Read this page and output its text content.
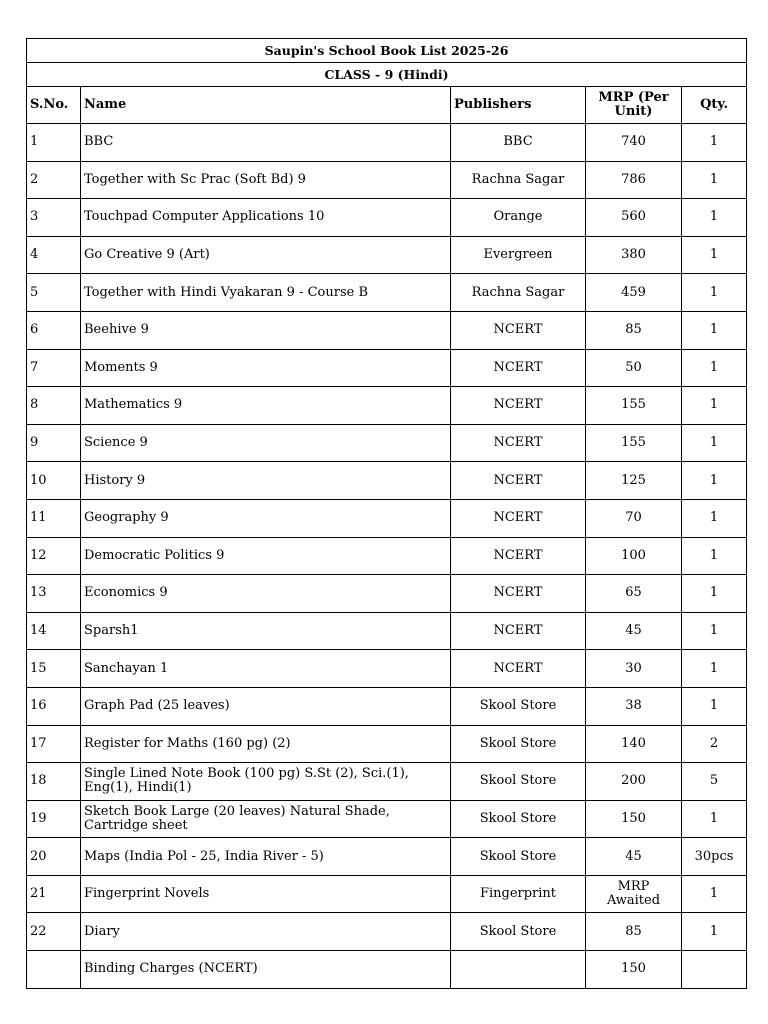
Saupin's School Book List 2025-26				
CLASS - 9 (Hindi)				
S.No.	Name	Publishers	MRP (Per Unit)	Qty.
1	BBC	BBC	740	1
2	Together with Sc Prac (Soft Bd) 9	Rachna Sagar	786	1
3	Touchpad Computer Applications 10	Orange	560	1
4	Go Creative 9 (Art)	Evergreen	380	1
5	Together with Hindi Vyakaran 9 - Course B	Rachna Sagar	459	1
6	Beehive 9	NCERT	85	1
7	Moments 9	NCERT	50	1
8	Mathematics 9	NCERT	155	1
9	Science 9	NCERT	155	1
10	History 9	NCERT	125	1
11	Geography 9	NCERT	70	1
12	Democratic Politics 9	NCERT	100	1
13	Economics 9	NCERT	65	1
14	Sparsh1	NCERT	45	1
15	Sanchayan 1	NCERT	30	1
16	Graph Pad (25 leaves)	Skool Store	38	1
17	Register for Maths (160 pg) (2)	Skool Store	140	2
18	Single Lined Note Book (100 pg) S.St (2), Sci.(1), Eng(1), Hindi(1)	Skool Store	200	5
19	Sketch Book Large (20 leaves) Natural Shade, Cartridge sheet	Skool Store	150	1
20	Maps (India Pol - 25, India River - 5)	Skool Store	45	30pcs
21	Fingerprint Novels	Fingerprint	MRP Awaited	1
22	Diary	Skool Store	85	1
	Binding Charges (NCERT)		150	
